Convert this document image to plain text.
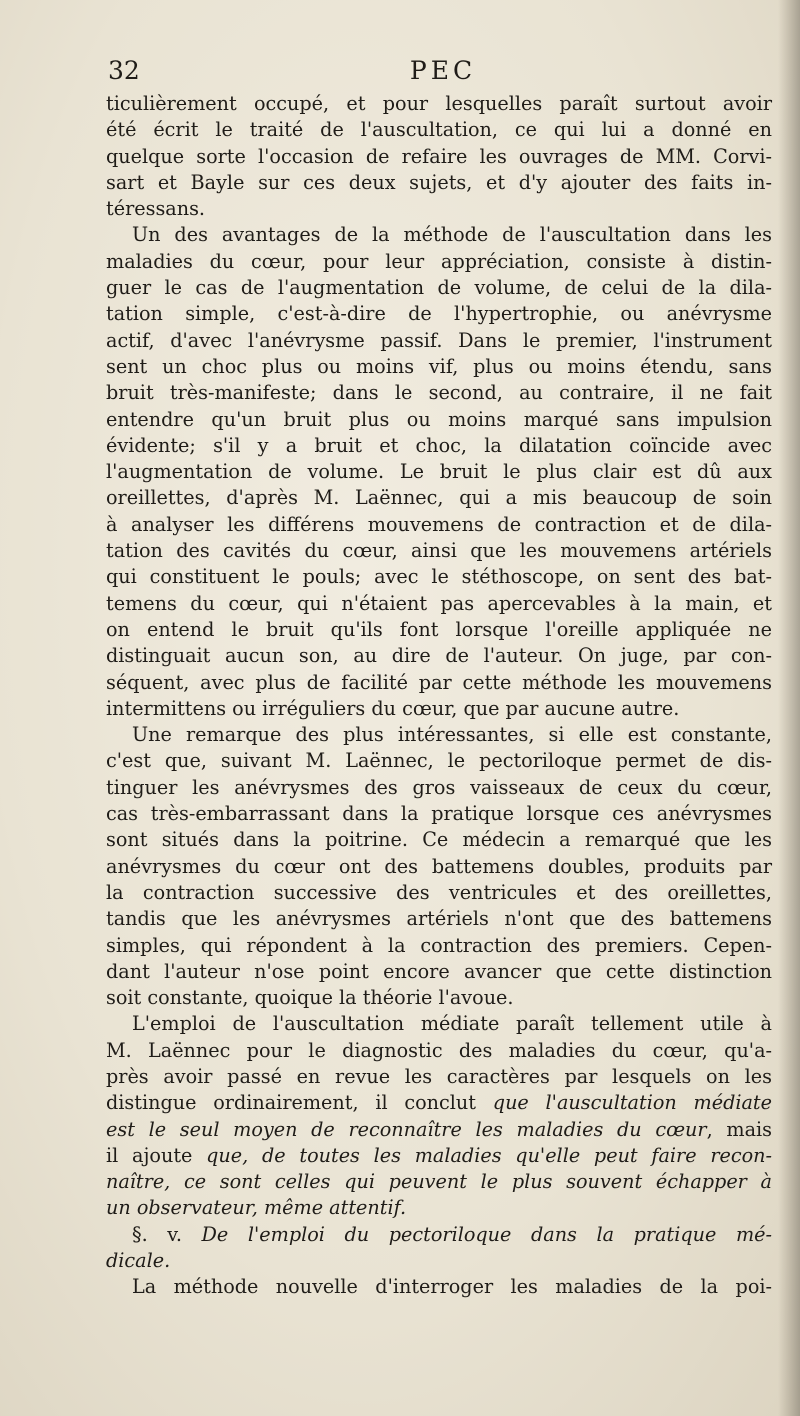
32	PEC

ticulièrement occupé, et pour lesquelles paraît surtout avoir

été écrit le traité de l'auscultation, ce qui lui a donné en

quelque sorte l'occasion de refaire les ouvrages de MM. Corvi-

sart et Bayle sur ces deux sujets, et d'y ajouter des faits in-

téressans.

Un des avantages de la méthode de l'auscultation dans les

maladies du cœur, pour leur appréciation, consiste à distin-

guer le cas de l'augmentation de volume, de celui de la dila-

tation simple, c'est-à-dire de l'hypertrophie, ou anévrysme

actif, d'avec l'anévrysme passif. Dans le premier, l'instrument

sent un choc plus ou moins vif, plus ou moins étendu, sans

bruit très-manifeste; dans le second, au contraire, il ne fait

entendre qu'un bruit plus ou moins marqué sans impulsion

évidente; s'il y a bruit et choc, la dilatation coïncide avec

l'augmentation de volume. Le bruit le plus clair est dû aux

oreillettes, d'après M. Laënnec, qui a mis beaucoup de soin

à analyser les différens mouvemens de contraction et de dila-

tation des cavités du cœur, ainsi que les mouvemens artériels

qui constituent le pouls; avec le stéthoscope, on sent des bat-

temens du cœur, qui n'étaient pas apercevables à la main, et

on entend le bruit qu'ils font lorsque l'oreille appliquée ne

distinguait aucun son, au dire de l'auteur. On juge, par con-

séquent, avec plus de facilité par cette méthode les mouvemens

intermittens ou irréguliers du cœur, que par aucune autre.

Une remarque des plus intéressantes, si elle est constante,

c'est que, suivant M. Laënnec, le pectoriloque permet de dis-

tinguer les anévrysmes des gros vaisseaux de ceux du cœur,

cas très-embarrassant dans la pratique lorsque ces anévrysmes

sont situés dans la poitrine. Ce médecin a remarqué que les

anévrysmes du cœur ont des battemens doubles, produits par

la contraction successive des ventricules et des oreillettes,

tandis que les anévrysmes artériels n'ont que des battemens

simples, qui répondent à la contraction des premiers. Cepen-

dant l'auteur n'ose point encore avancer que cette distinction

soit constante, quoique la théorie l'avoue.

L'emploi de l'auscultation médiate paraît tellement utile à

M. Laënnec pour le diagnostic des maladies du cœur, qu'a-

près avoir passé en revue les caractères par lesquels on les

distingue ordinairement, il conclut que l'auscultation médiate

est le seul moyen de reconnaître les maladies du cœur, mais

il ajoute que, de toutes les maladies qu'elle peut faire recon-

naître, ce sont celles qui peuvent le plus souvent échapper à

un observateur, même attentif.

§. v. De l'emploi du pectoriloque dans la pratique mé-

dicale.

La méthode nouvelle d'interroger les maladies de la poi-
